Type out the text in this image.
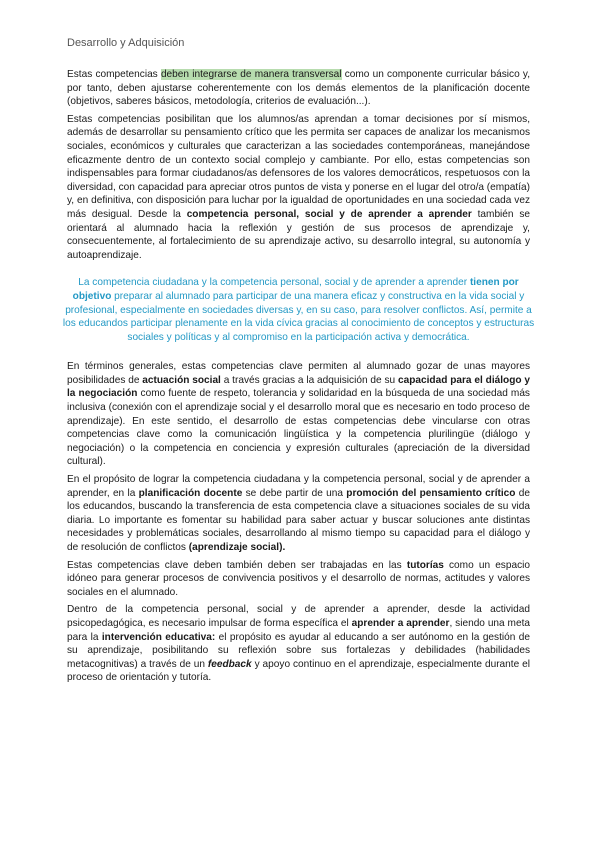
Desarrollo y Adquisición

Estas competencias deben integrarse de manera transversal como un componente curricular básico y, por tanto, deben ajustarse coherentemente con los demás elementos de la planificación docente (objetivos, saberes básicos, metodología, criterios de evaluación...).

Estas competencias posibilitan que los alumnos/as aprendan a tomar decisiones por sí mismos, además de desarrollar su pensamiento crítico que les permita ser capaces de analizar los mecanismos sociales, económicos y culturales que caracterizan a las sociedades contemporáneas, manejándose eficazmente dentro de un contexto social complejo y cambiante. Por ello, estas competencias son indispensables para formar ciudadanos/as defensores de los valores democráticos, respetuosos con la diversidad, con capacidad para apreciar otros puntos de vista y ponerse en el lugar del otro/a (empatía) y, en definitiva, con disposición para luchar por la igualdad de oportunidades en una sociedad cada vez más desigual. Desde la competencia personal, social y de aprender a aprender también se orientará al alumnado hacia la reflexión y gestión de sus procesos de aprendizaje y, consecuentemente, al fortalecimiento de su aprendizaje activo, su desarrollo integral, su autonomía y autoaprendizaje.

La competencia ciudadana y la competencia personal, social y de aprender a aprender tienen por objetivo preparar al alumnado para participar de una manera eficaz y constructiva en la vida social y profesional, especialmente en sociedades diversas y, en su caso, para resolver conflictos. Así, permite a los educandos participar plenamente en la vida cívica gracias al conocimiento de conceptos y estructuras sociales y políticas y al compromiso en la participación activa y democrática.

En términos generales, estas competencias clave permiten al alumnado gozar de unas mayores posibilidades de actuación social a través gracias a la adquisición de su capacidad para el diálogo y la negociación como fuente de respeto, tolerancia y solidaridad en la búsqueda de una sociedad más inclusiva (conexión con el aprendizaje social y el desarrollo moral que es necesario en todo proceso de aprendizaje). En este sentido, el desarrollo de estas competencias debe vincularse con otras competencias clave como la comunicación lingüística y la competencia plurilingüe (diálogo y negociación) o la competencia en conciencia y expresión culturales (apreciación de la diversidad cultural).

En el propósito de lograr la competencia ciudadana y la competencia personal, social y de aprender a aprender, en la planificación docente se debe partir de una promoción del pensamiento crítico de los educandos, buscando la transferencia de esta competencia clave a situaciones sociales de su vida diaria. Lo importante es fomentar su habilidad para saber actuar y buscar soluciones ante distintas necesidades y problemáticas sociales, desarrollando al mismo tiempo su capacidad para el diálogo y de resolución de conflictos (aprendizaje social).

Estas competencias clave deben también deben ser trabajadas en las tutorías como un espacio idóneo para generar procesos de convivencia positivos y el desarrollo de normas, actitudes y valores sociales en el alumnado.

Dentro de la competencia personal, social y de aprender a aprender, desde la actividad psicopedagógica, es necesario impulsar de forma específica el aprender a aprender, siendo una meta para la intervención educativa: el propósito es ayudar al educando a ser autónomo en la gestión de su aprendizaje, posibilitando su reflexión sobre sus fortalezas y debilidades (habilidades metacognitivas) a través de un feedback y apoyo continuo en el aprendizaje, especialmente durante el proceso de orientación y tutoría.
